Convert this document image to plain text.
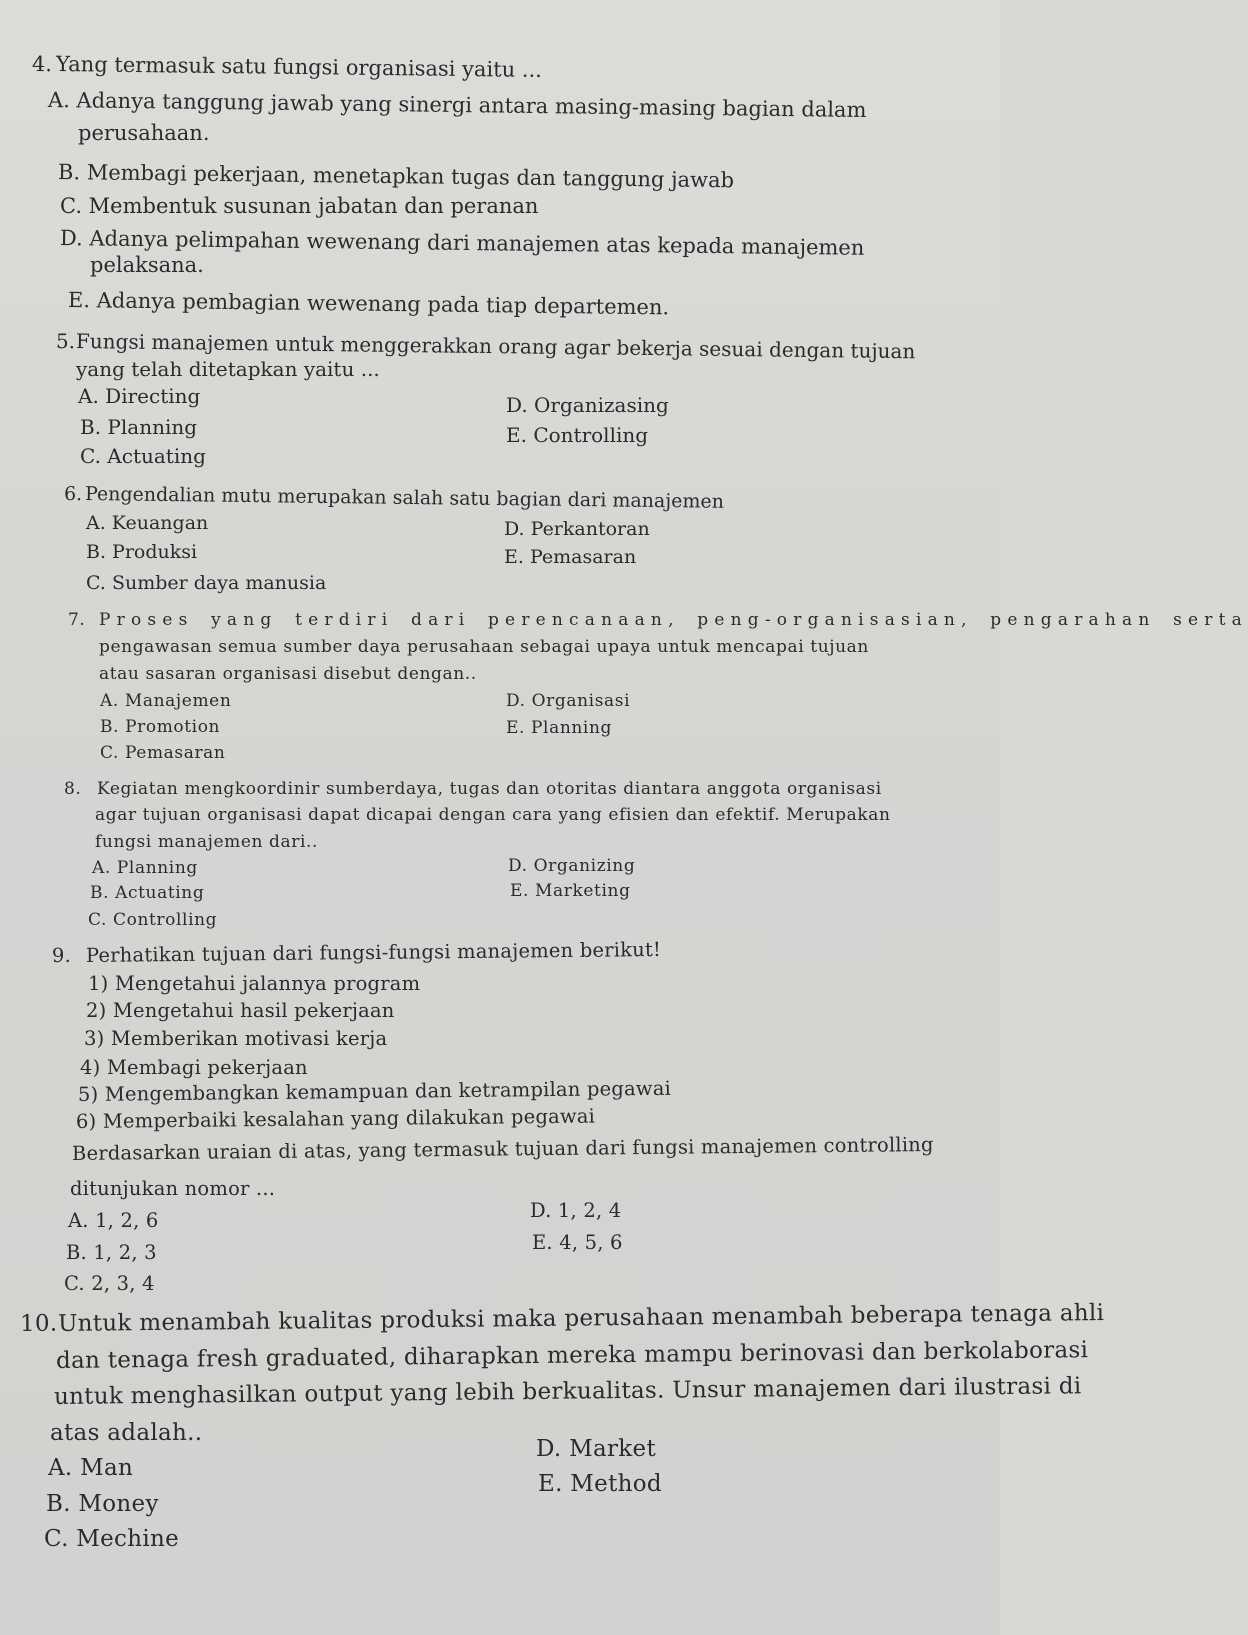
4. Yang termasuk satu fungsi organisasi yaitu ...
A. Adanya tanggung jawab yang sinergi antara masing-masing bagian dalam
perusahaan.
B. Membagi pekerjaan, menetapkan tugas dan tanggung jawab
C. Membentuk susunan jabatan dan peranan
D. Adanya pelimpahan wewenang dari manajemen atas kepada manajemen
pelaksana.
E. Adanya pembagian wewenang pada tiap departemen.
5. Fungsi manajemen untuk menggerakkan orang agar bekerja sesuai dengan tujuan
yang telah ditetapkan yaitu ...
A. Directing
B. Planning
C. Actuating
D. Organizasing
E. Controlling
6. Pengendalian mutu merupakan salah satu bagian dari manajemen
A. Keuangan
B. Produksi
C. Sumber daya manusia
D. Perkantoran
E. Pemasaran
7. Proses yang terdiri dari perencanaan, peng-organisasian, pengarahan serta
pengawasan semua sumber daya perusahaan sebagai upaya untuk mencapai tujuan
atau sasaran organisasi disebut dengan..
A. Manajemen
B. Promotion
C. Pemasaran
D. Organisasi
E. Planning
8. Kegiatan mengkoordinir sumberdaya, tugas dan otoritas diantara anggota organisasi
agar tujuan organisasi dapat dicapai dengan cara yang efisien dan efektif. Merupakan
fungsi manajemen dari..
A. Planning
B. Actuating
C. Controlling
D. Organizing
E. Marketing
9. Perhatikan tujuan dari fungsi-fungsi manajemen berikut!
1) Mengetahui jalannya program
2) Mengetahui hasil pekerjaan
3) Memberikan motivasi kerja
4) Membagi pekerjaan
5) Mengembangkan kemampuan dan ketrampilan pegawai
6) Memperbaiki kesalahan yang dilakukan pegawai
Berdasarkan uraian di atas, yang termasuk tujuan dari fungsi manajemen controlling
ditunjukan nomor ...
A. 1, 2, 6
B. 1, 2, 3
C. 2, 3, 4
D. 1, 2, 4
E. 4, 5, 6
10. Untuk menambah kualitas produksi maka perusahaan menambah beberapa tenaga ahli
dan tenaga fresh graduated, diharapkan mereka mampu berinovasi dan berkolaborasi
untuk menghasilkan output yang lebih berkualitas. Unsur manajemen dari ilustrasi di
atas adalah..
A. Man
B. Money
C. Mechine
D. Market
E. Method
